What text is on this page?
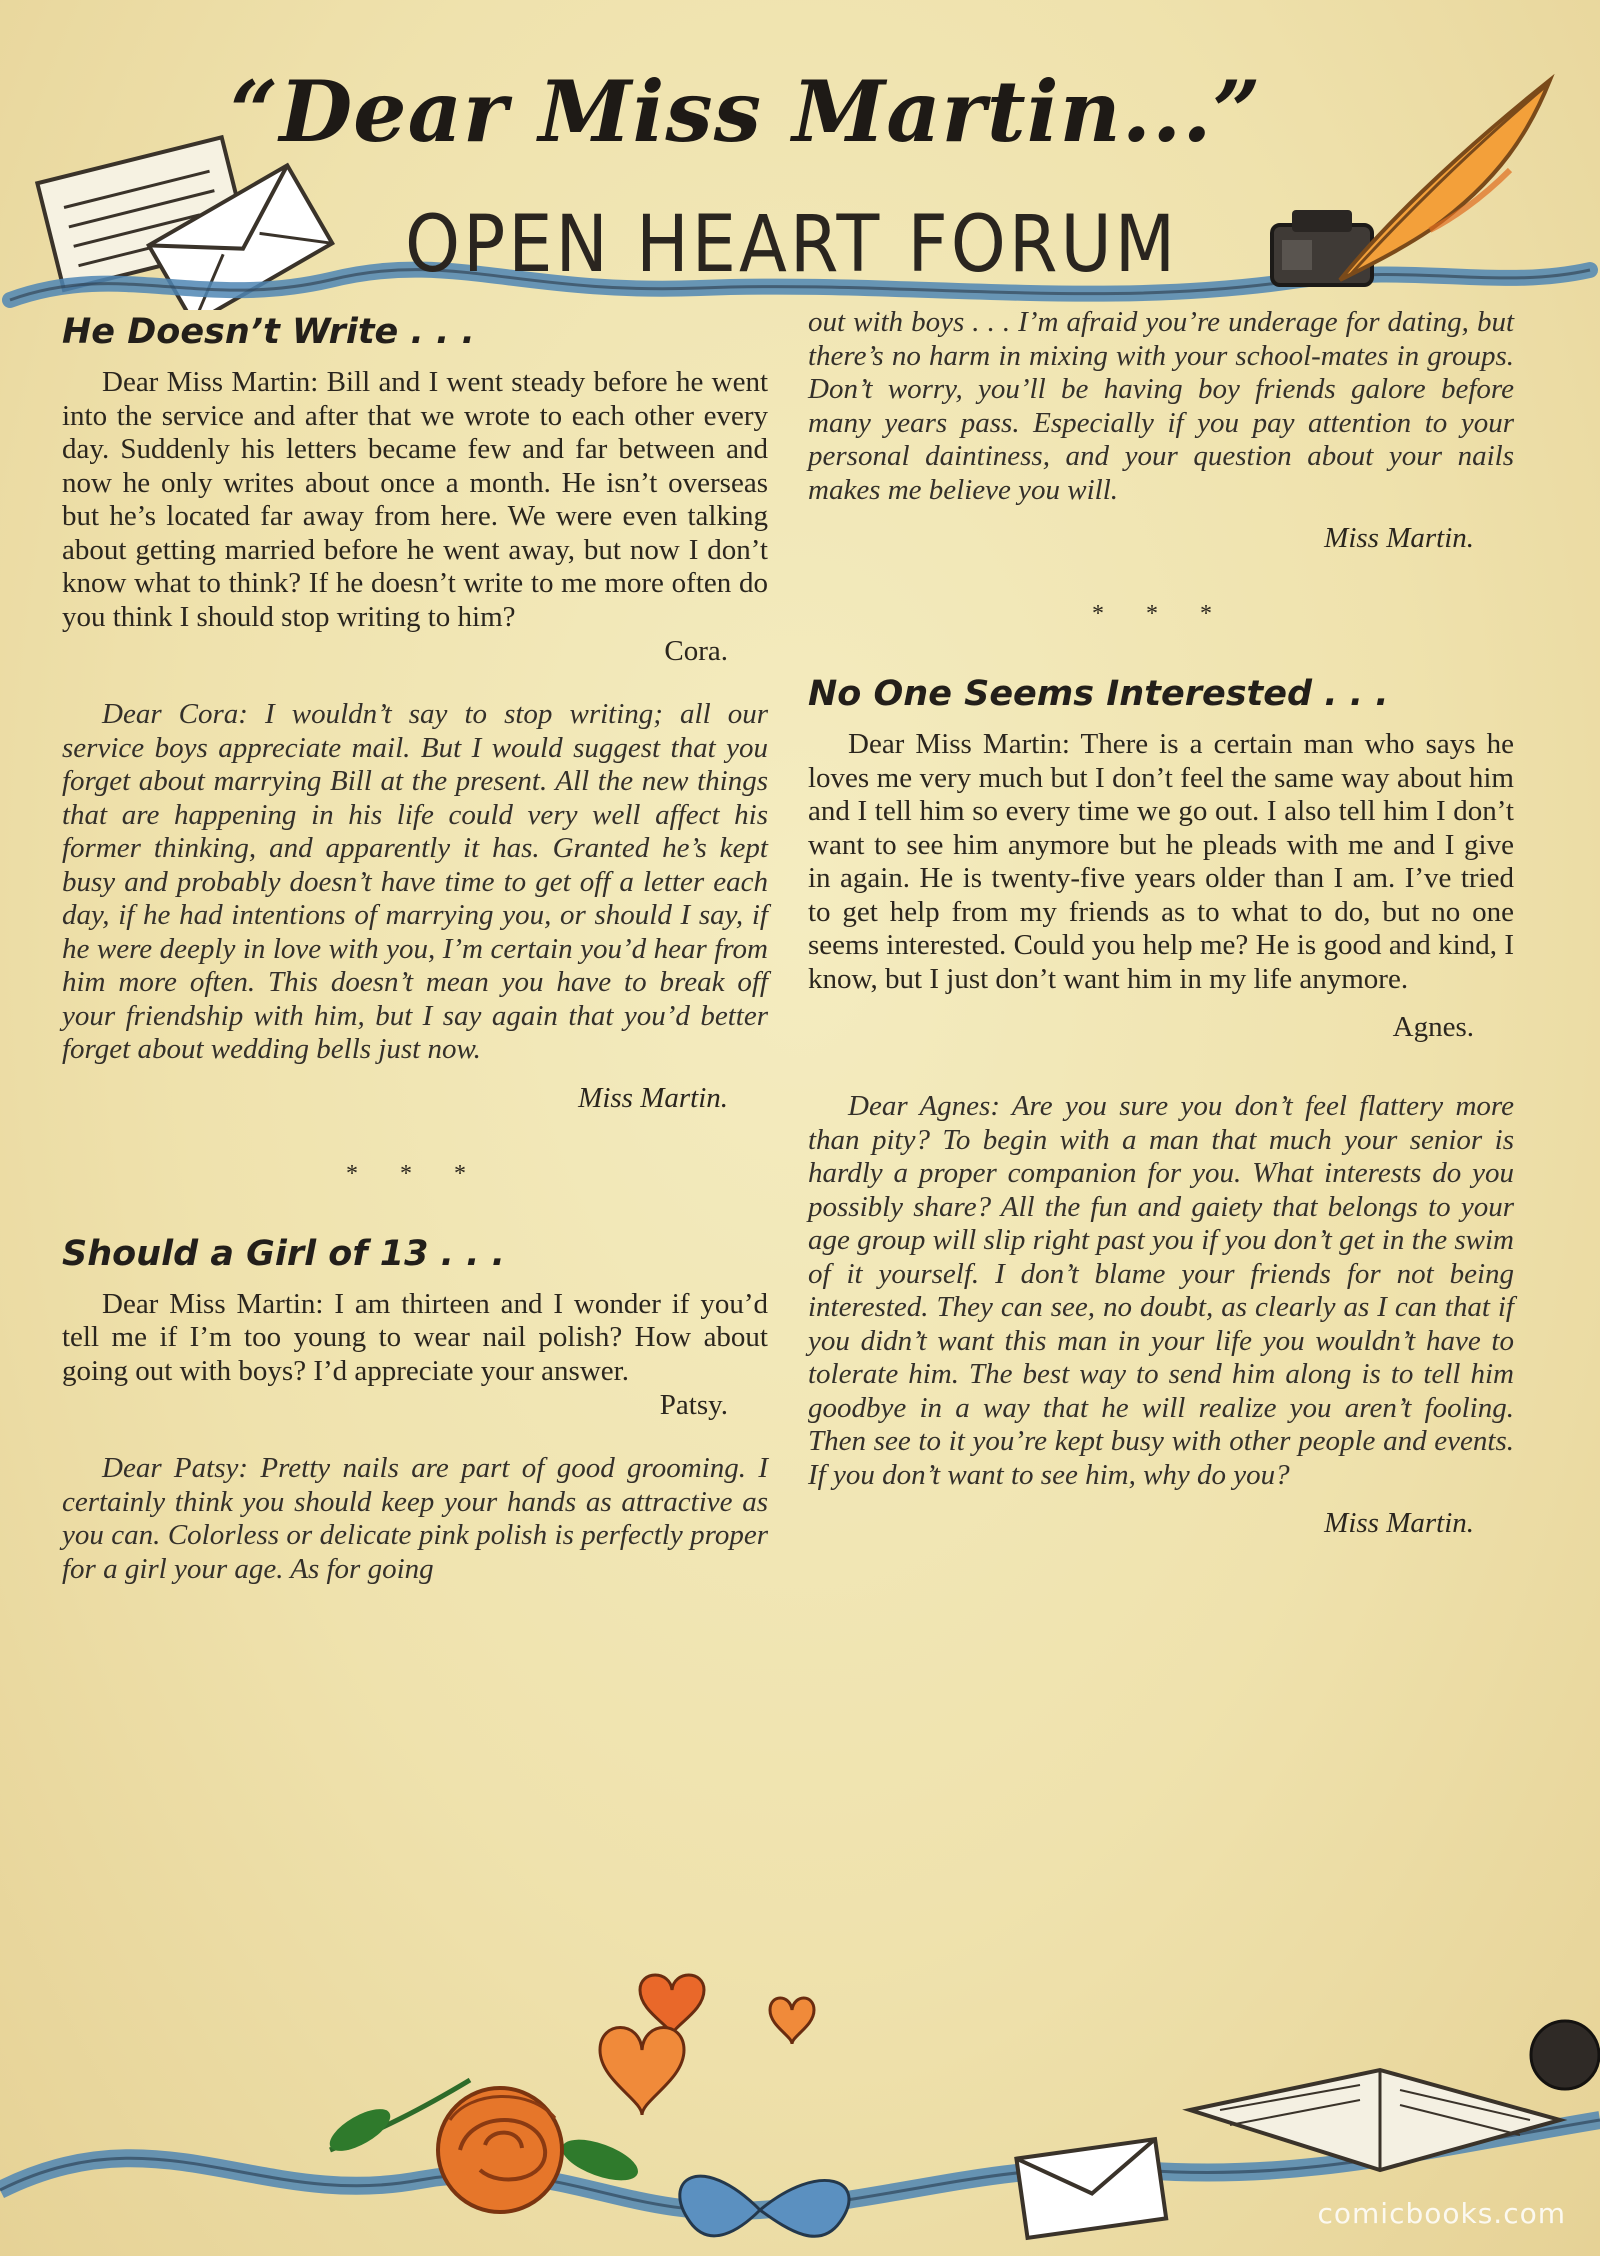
“Dear Miss Martin...”
OPEN HEART FORUM
He Doesn’t Write . . .

Dear Miss Martin: Bill and I went steady before he went into the service and after that we wrote to each other every day. Suddenly his letters became few and far between and now he only writes about once a month. He isn’t overseas but he’s located far away from here. We were even talking about getting married before he went away, but now I don’t know what to think? If he doesn’t write to me more often do you think I should stop writing to him?

Cora.

Dear Cora: I wouldn’t say to stop writing; all our service boys appreciate mail. But I would suggest that you forget about marrying Bill at the present. All the new things that are happening in his life could very well affect his former thinking, and apparently it has. Granted he’s kept busy and probably doesn’t have time to get off a letter each day, if he had intentions of marrying you, or should I say, if he were deeply in love with you, I’m certain you’d hear from him more often. This doesn’t mean you have to break off your friendship with him, but I say again that you’d better forget about wedding bells just now.

Miss Martin.

* * *

Should a Girl of 13 . . .

Dear Miss Martin: I am thirteen and I wonder if you’d tell me if I’m too young to wear nail polish? How about going out with boys? I’d appreciate your answer.

Patsy.

Dear Patsy: Pretty nails are part of good grooming. I certainly think you should keep your hands as attractive as you can. Colorless or delicate pink polish is perfectly proper for a girl your age. As for going

out with boys . . . I’m afraid you’re underage for dating, but there’s no harm in mixing with your school-mates in groups. Don’t worry, you’ll be having boy friends galore before many years pass. Especially if you pay attention to your personal daintiness, and your question about your nails makes me believe you will.

Miss Martin.

* * *

No One Seems Interested . . .

Dear Miss Martin: There is a certain man who says he loves me very much but I don’t feel the same way about him and I tell him so every time we go out. I also tell him I don’t want to see him anymore but he pleads with me and I give in again. He is twenty-five years older than I am. I’ve tried to get help from my friends as to what to do, but no one seems interested. Could you help me? He is good and kind, I know, but I just don’t want him in my life anymore.

Agnes.

Dear Agnes: Are you sure you don’t feel flattery more than pity? To begin with a man that much your senior is hardly a proper companion for you. What interests do you possibly share? All the fun and gaiety that belongs to your age group will slip right past you if you don’t get in the swim of it yourself. I don’t blame your friends for not being interested. They can see, no doubt, as clearly as I can that if you didn’t want this man in your life you wouldn’t have to tolerate him. The best way to send him along is to tell him goodbye in a way that he will realize you aren’t fooling. Then see to it you’re kept busy with other people and events. If you don’t want to see him, why do you?

Miss Martin.

comicbooks.com
